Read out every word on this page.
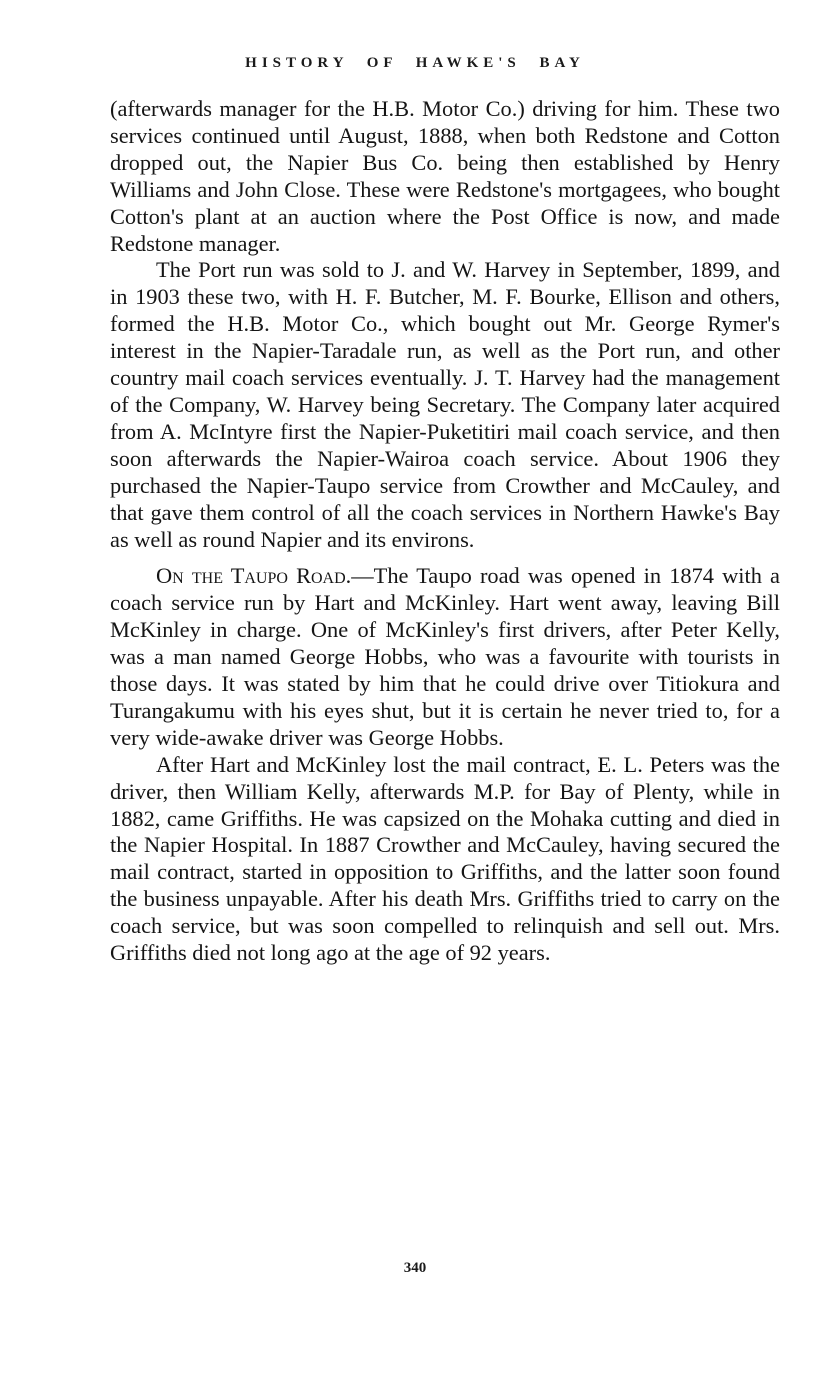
HISTORY OF HAWKE'S BAY

(afterwards manager for the H.B. Motor Co.) driving for him. These two services continued until August, 1888, when both Redstone and Cotton dropped out, the Napier Bus Co. being then established by Henry Williams and John Close. These were Redstone's mortgagees, who bought Cotton's plant at an auction where the Post Office is now, and made Redstone manager.

The Port run was sold to J. and W. Harvey in September, 1899, and in 1903 these two, with H. F. Butcher, M. F. Bourke, Ellison and others, formed the H.B. Motor Co., which bought out Mr. George Rymer's interest in the Napier-Taradale run, as well as the Port run, and other country mail coach services eventually. J. T. Harvey had the management of the Company, W. Harvey being Secretary. The Company later acquired from A. McIntyre first the Napier-Puketitiri mail coach service, and then soon afterwards the Napier-Wairoa coach service. About 1906 they purchased the Napier-Taupo service from Crowther and McCauley, and that gave them control of all the coach services in Northern Hawke's Bay as well as round Napier and its environs.

On the Taupo Road.—The Taupo road was opened in 1874 with a coach service run by Hart and McKinley. Hart went away, leaving Bill McKinley in charge. One of McKinley's first drivers, after Peter Kelly, was a man named George Hobbs, who was a favourite with tourists in those days. It was stated by him that he could drive over Titiokura and Turangakumu with his eyes shut, but it is certain he never tried to, for a very wide-awake driver was George Hobbs.

After Hart and McKinley lost the mail contract, E. L. Peters was the driver, then William Kelly, afterwards M.P. for Bay of Plenty, while in 1882, came Griffiths. He was capsized on the Mohaka cutting and died in the Napier Hospital. In 1887 Crowther and McCauley, having secured the mail contract, started in opposition to Griffiths, and the latter soon found the business unpayable. After his death Mrs. Griffiths tried to carry on the coach service, but was soon compelled to relinquish and sell out. Mrs. Griffiths died not long ago at the age of 92 years.

340
